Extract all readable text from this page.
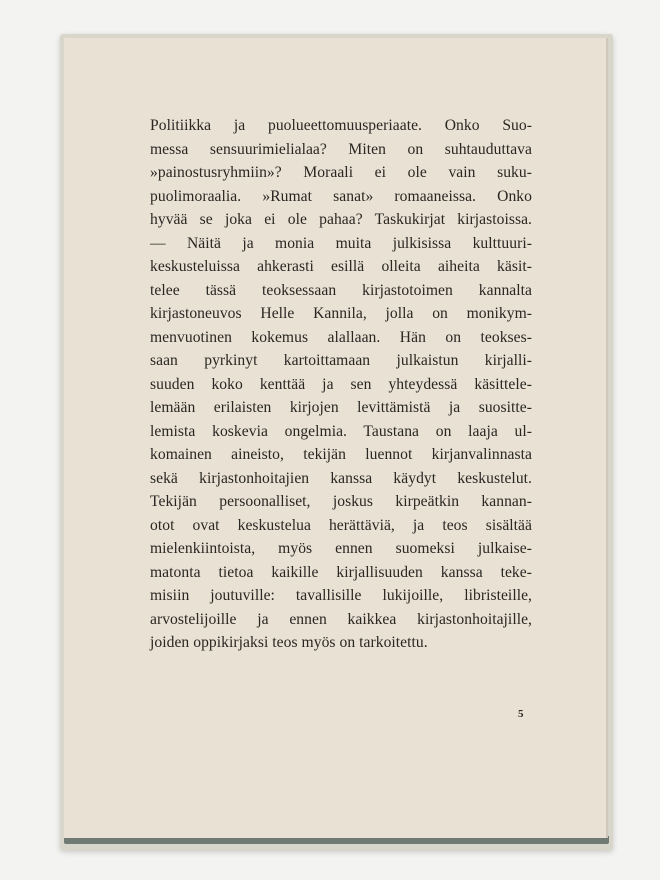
Politiikka ja puolueettomuusperiaate. Onko Suo-
messa sensuurimielialaa? Miten on suhtauduttava
»painostusryhmiin»? Moraali ei ole vain suku-
puolimoraalia. »Rumat sanat» romaaneissa. Onko
hyvää se joka ei ole pahaa? Taskukirjat kirjastoissa.
— Näitä ja monia muita julkisissa kulttuuri-
keskusteluissa ahkerasti esillä olleita aiheita käsit-
telee tässä teoksessaan kirjastotoimen kannalta
kirjastoneuvos Helle Kannila, jolla on monikym-
menvuotinen kokemus alallaan. Hän on teokses-
saan pyrkinyt kartoittamaan julkaistun kirjalli-
suuden koko kenttää ja sen yhteydessä käsittele-
lemään erilaisten kirjojen levittämistä ja suosittе-
lemista koskevia ongelmia. Taustana on laaja ul-
komainen aineisto, tekijän luennot kirjanvalinnasta
sekä kirjastonhoitajien kanssa käydyt keskustelut.
Tekijän persoonalliset, joskus kirpeätkin kannan-
otot ovat keskustelua herättäviä, ja teos sisältää
mielenkiintoista, myös ennen suomeksi julkaise-
matonta tietoa kaikille kirjallisuuden kanssa teke-
misiin joutuville: tavallisille lukijoille, libristeille,
arvostelijoille ja ennen kaikkea kirjastonhoitajille,
joiden oppikirjaksi teos myös on tarkoitettu.
5
